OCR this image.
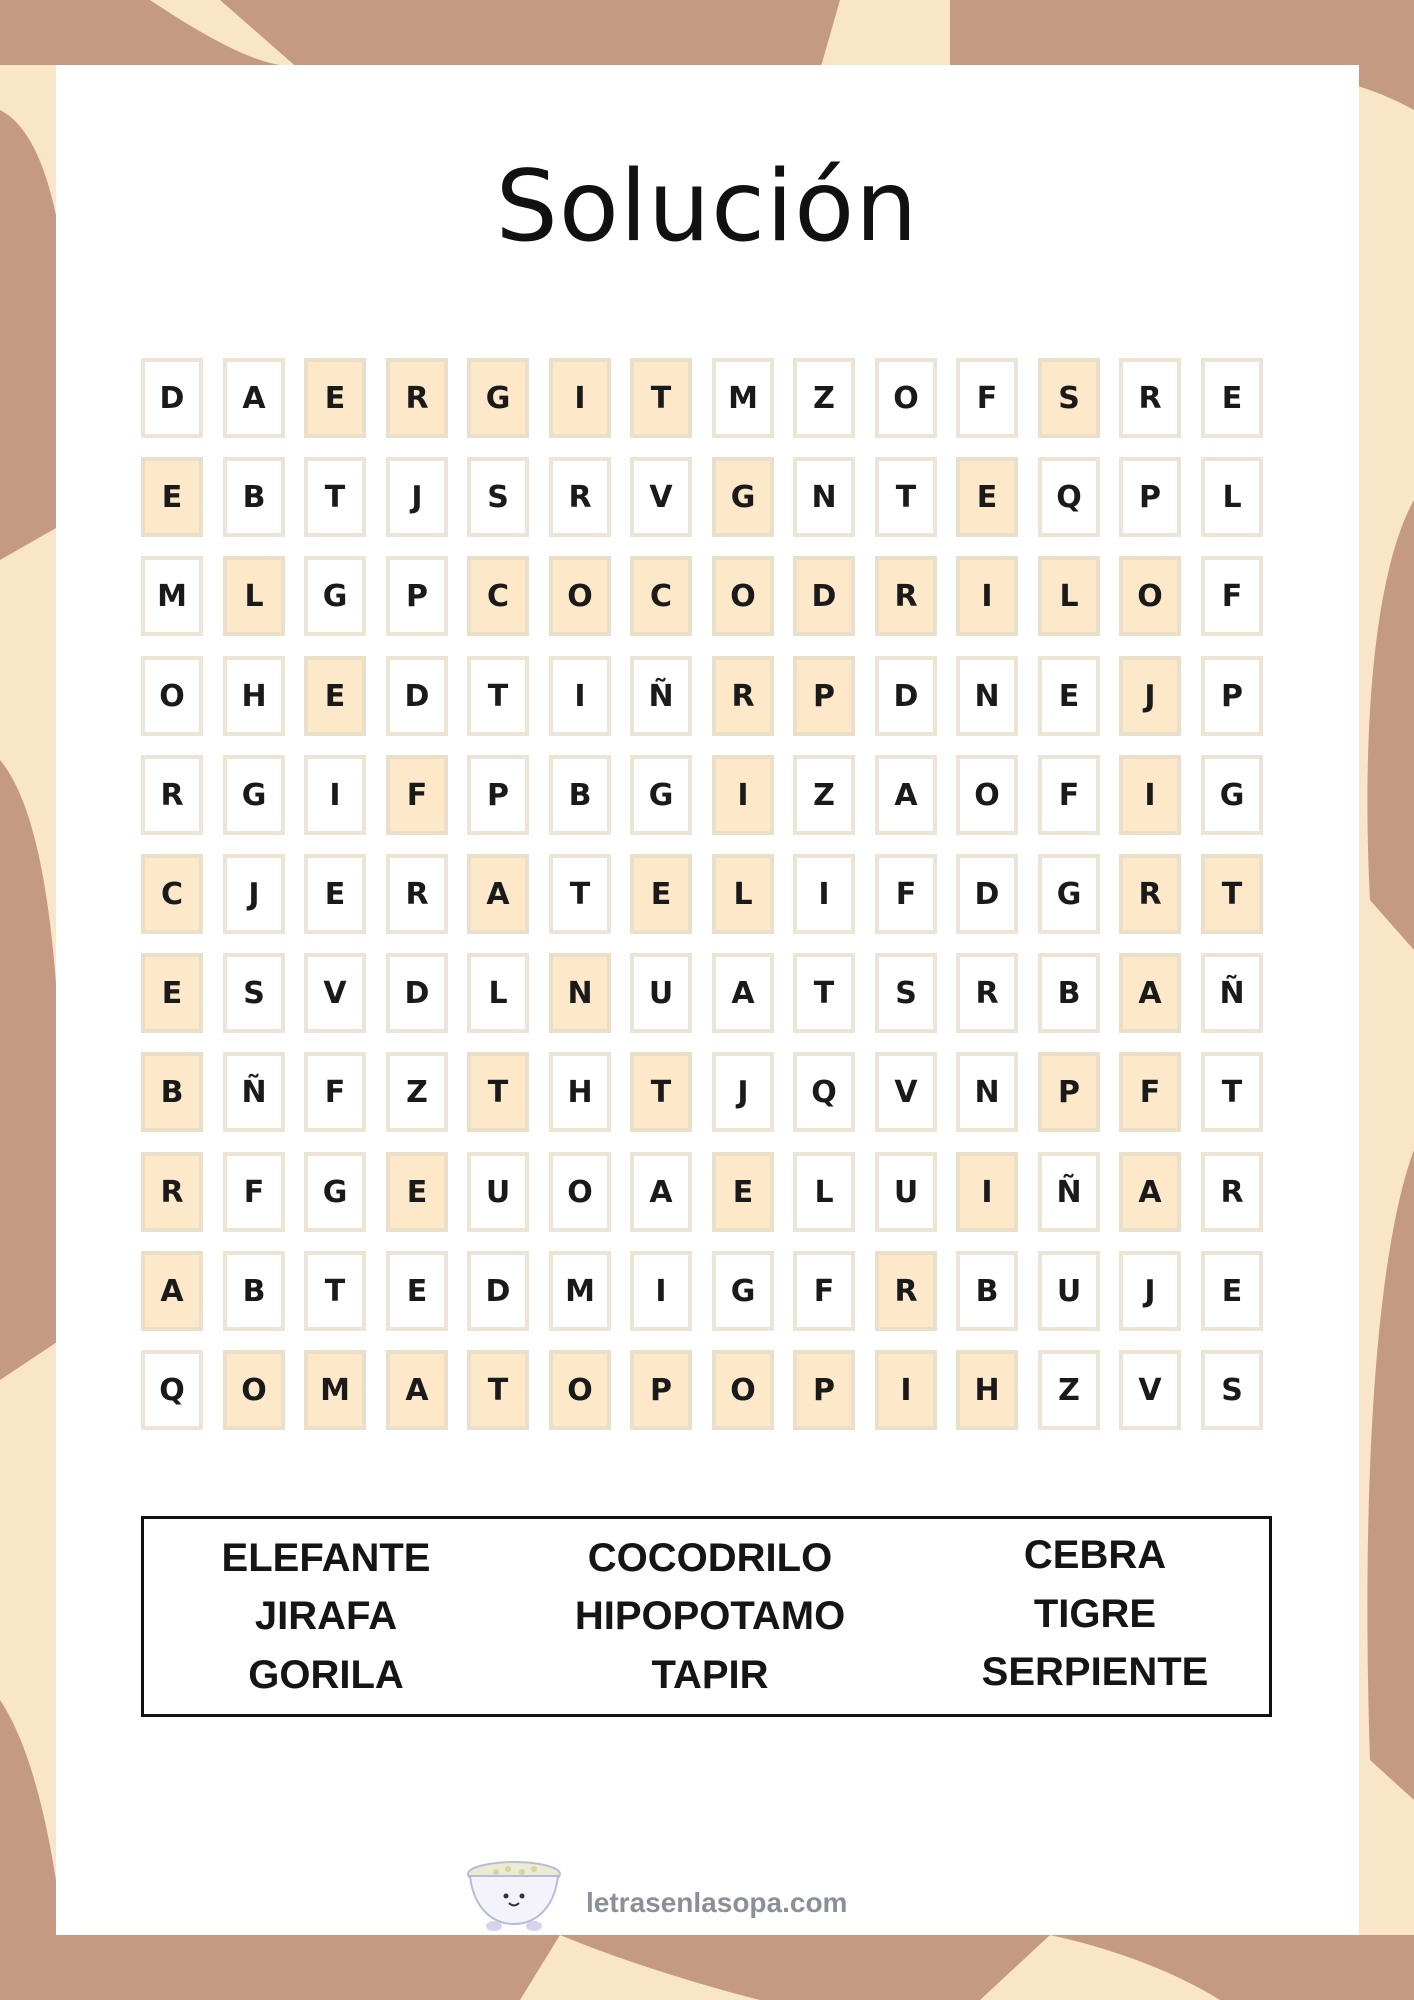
Solución
D	A	E	R	G	I	T	M	Z	O	F	S	R	E
E	B	T	J	S	R	V	G	N	T	E	Q	P	L
M	L	G	P	C	O	C	O	D	R	I	L	O	F
O	H	E	D	T	I	Ñ	R	P	D	N	E	J	P
R	G	I	F	P	B	G	I	Z	A	O	F	I	G
C	J	E	R	A	T	E	L	I	F	D	G	R	T
E	S	V	D	L	N	U	A	T	S	R	B	A	Ñ
B	Ñ	F	Z	T	H	T	J	Q	V	N	P	F	T
R	F	G	E	U	O	A	E	L	U	I	Ñ	A	R
A	B	T	E	D	M	I	G	F	R	B	U	J	E
Q	O	M	A	T	O	P	O	P	I	H	Z	V	S
ELEFANTE
JIRAFA
GORILA
COCODRILO
HIPOPOTAMO
TAPIR
CEBRA
TIGRE
SERPIENTE
letrasenlasopa.com
